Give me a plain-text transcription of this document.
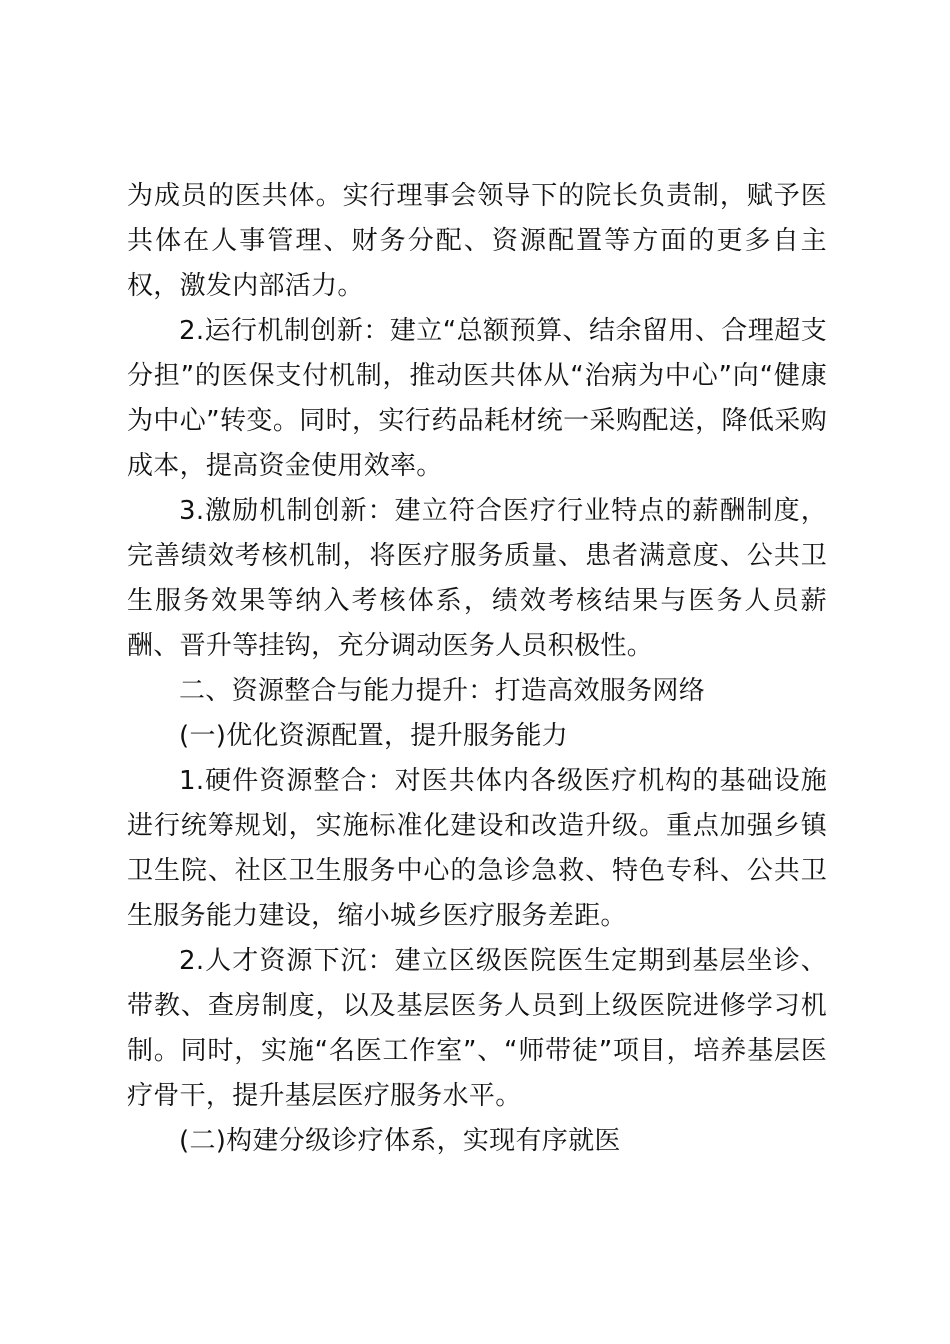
为成员的医共体。实行理事会领导下的院长负责制，赋予医共体在人事管理、财务分配、资源配置等方面的更多自主权，激发内部活力。

2.运行机制创新：建立“总额预算、结余留用、合理超支分担”的医保支付机制，推动医共体从“治病为中心”向“健康为中心”转变。同时，实行药品耗材统一采购配送，降低采购成本，提高资金使用效率。

3.激励机制创新：建立符合医疗行业特点的薪酬制度，完善绩效考核机制，将医疗服务质量、患者满意度、公共卫生服务效果等纳入考核体系，绩效考核结果与医务人员薪酬、晋升等挂钩，充分调动医务人员积极性。

二、资源整合与能力提升：打造高效服务网络

(一)优化资源配置，提升服务能力

1.硬件资源整合：对医共体内各级医疗机构的基础设施进行统筹规划，实施标准化建设和改造升级。重点加强乡镇卫生院、社区卫生服务中心的急诊急救、特色专科、公共卫生服务能力建设，缩小城乡医疗服务差距。

2.人才资源下沉：建立区级医院医生定期到基层坐诊、带教、查房制度，以及基层医务人员到上级医院进修学习机制。同时，实施“名医工作室”、“师带徒”项目，培养基层医疗骨干，提升基层医疗服务水平。

(二)构建分级诊疗体系，实现有序就医
